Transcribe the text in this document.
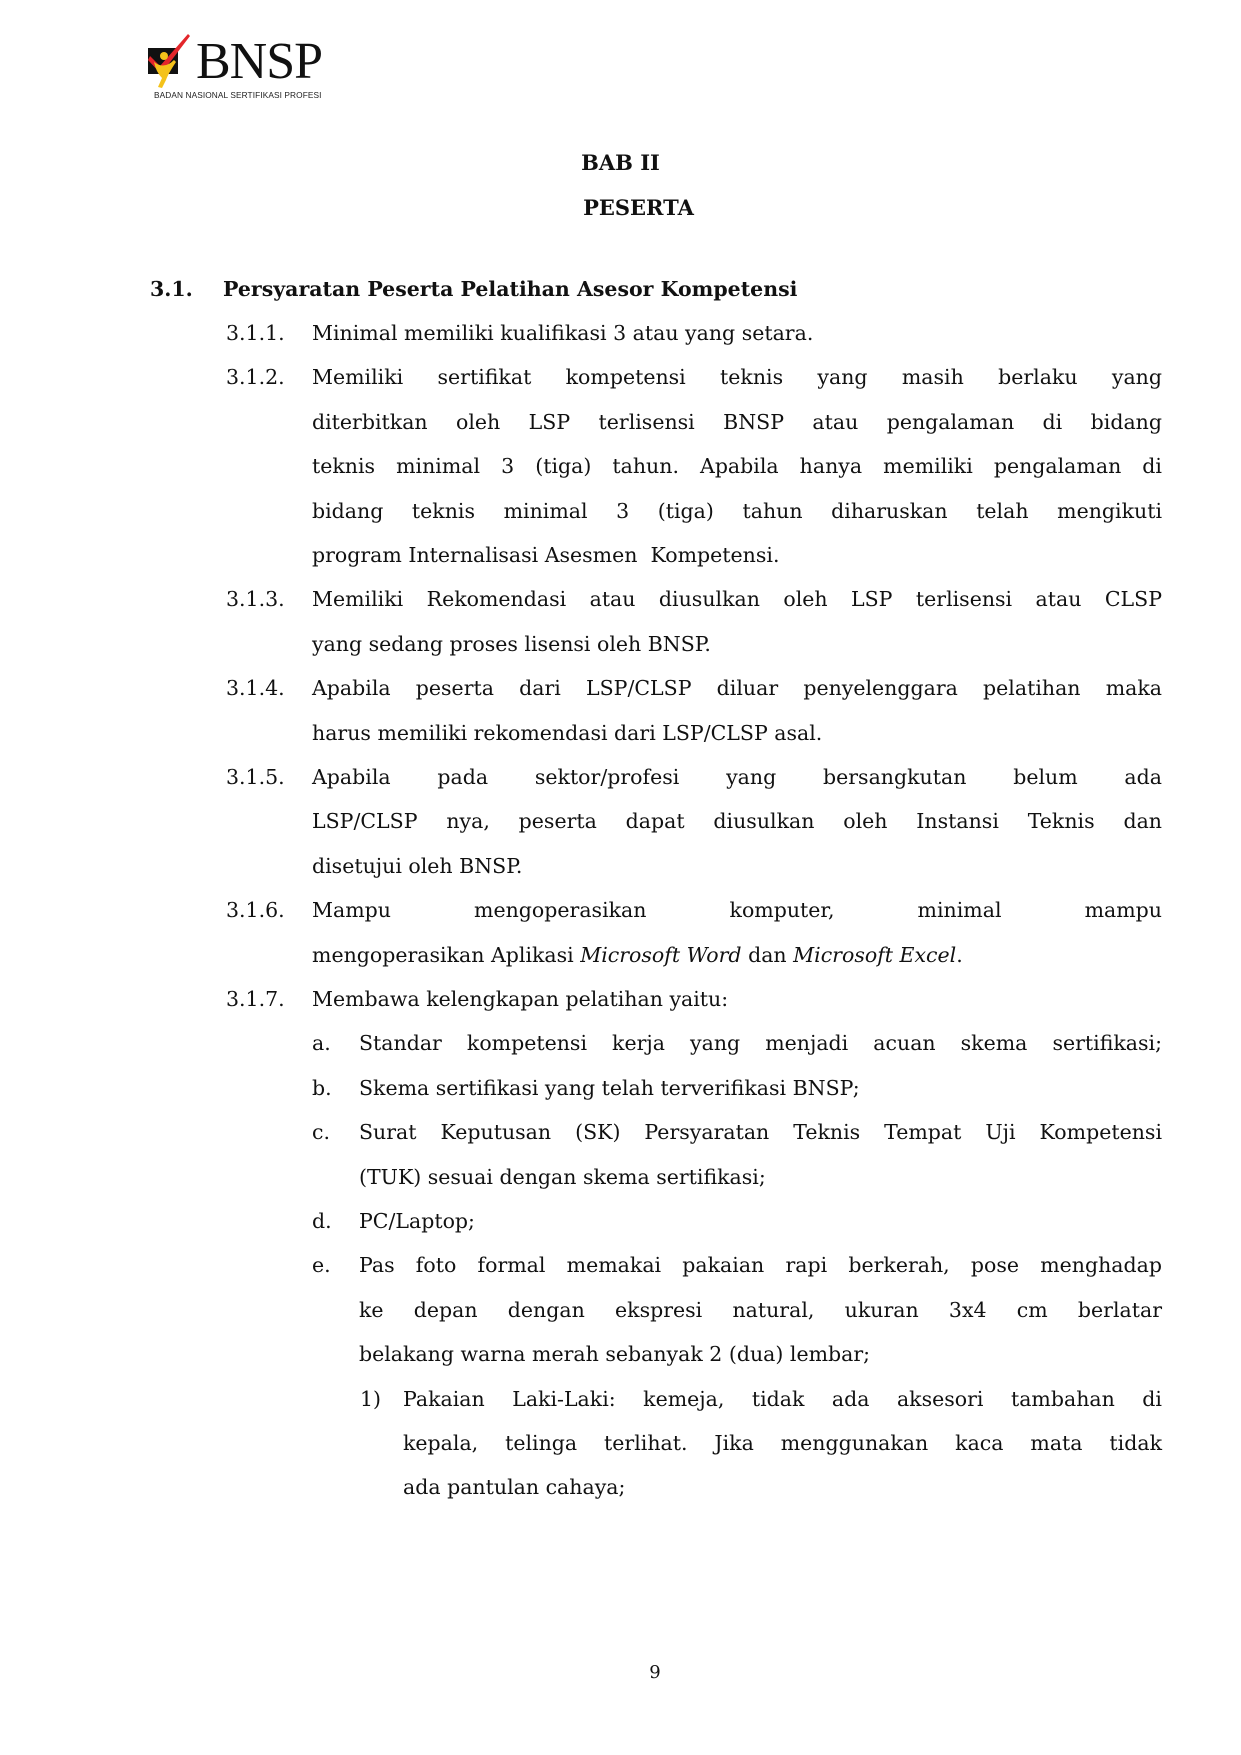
BNSP
BADAN NASIONAL SERTIFIKASI PROFESI
BAB II
PESERTA
3.1. Persyaratan Peserta Pelatihan Asesor Kompetensi
3.1.1. Minimal memiliki kualifikasi 3 atau yang setara.
3.1.2. Memiliki sertifikat kompetensi teknis yang masih berlaku yang
diterbitkan oleh LSP terlisensi BNSP atau pengalaman di bidang
teknis minimal 3 (tiga) tahun. Apabila hanya memiliki pengalaman di
bidang teknis minimal 3 (tiga) tahun diharuskan telah mengikuti
program Internalisasi Asesmen  Kompetensi.
3.1.3. Memiliki Rekomendasi atau diusulkan oleh LSP terlisensi atau CLSP
yang sedang proses lisensi oleh BNSP.
3.1.4. Apabila peserta dari LSP/CLSP diluar penyelenggara pelatihan maka
harus memiliki rekomendasi dari LSP/CLSP asal.
3.1.5. Apabila pada sektor/profesi yang bersangkutan belum ada
LSP/CLSP nya, peserta dapat diusulkan oleh Instansi Teknis dan
disetujui oleh BNSP.
3.1.6. Mampu mengoperasikan komputer, minimal mampu
mengoperasikan Aplikasi Microsoft Word dan Microsoft Excel.
3.1.7. Membawa kelengkapan pelatihan yaitu:
a. Standar kompetensi kerja yang menjadi acuan skema sertifikasi;
b. Skema sertifikasi yang telah terverifikasi BNSP;
c. Surat Keputusan (SK) Persyaratan Teknis Tempat Uji Kompetensi
(TUK) sesuai dengan skema sertifikasi;
d. PC/Laptop;
e. Pas foto formal memakai pakaian rapi berkerah, pose menghadap
ke depan dengan ekspresi natural, ukuran 3x4 cm berlatar
belakang warna merah sebanyak 2 (dua) lembar;
1) Pakaian Laki-Laki: kemeja, tidak ada aksesori tambahan di
kepala, telinga terlihat. Jika menggunakan kaca mata tidak
ada pantulan cahaya;
9
